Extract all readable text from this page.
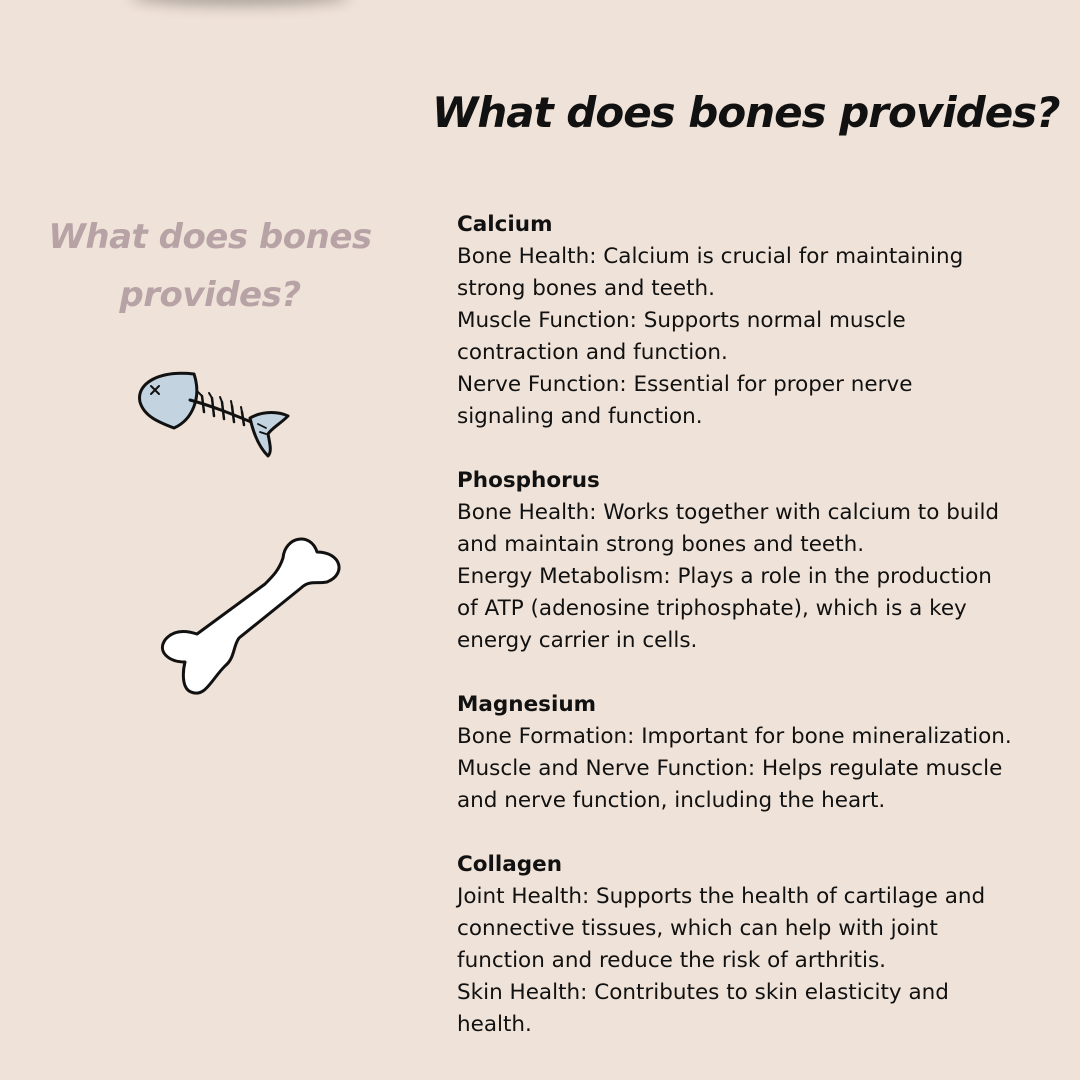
What does bones provides?
What does bones
provides?
Calcium
Bone Health: Calcium is crucial for maintaining
strong bones and teeth.
Muscle Function: Supports normal muscle
contraction and function.
Nerve Function: Essential for proper nerve
signaling and function.
Phosphorus
Bone Health: Works together with calcium to build
and maintain strong bones and teeth.
Energy Metabolism: Plays a role in the production
of ATP (adenosine triphosphate), which is a key
energy carrier in cells.
Magnesium
Bone Formation: Important for bone mineralization.
Muscle and Nerve Function: Helps regulate muscle
and nerve function, including the heart.
Collagen
Joint Health: Supports the health of cartilage and
connective tissues, which can help with joint
function and reduce the risk of arthritis.
Skin Health: Contributes to skin elasticity and
health.
